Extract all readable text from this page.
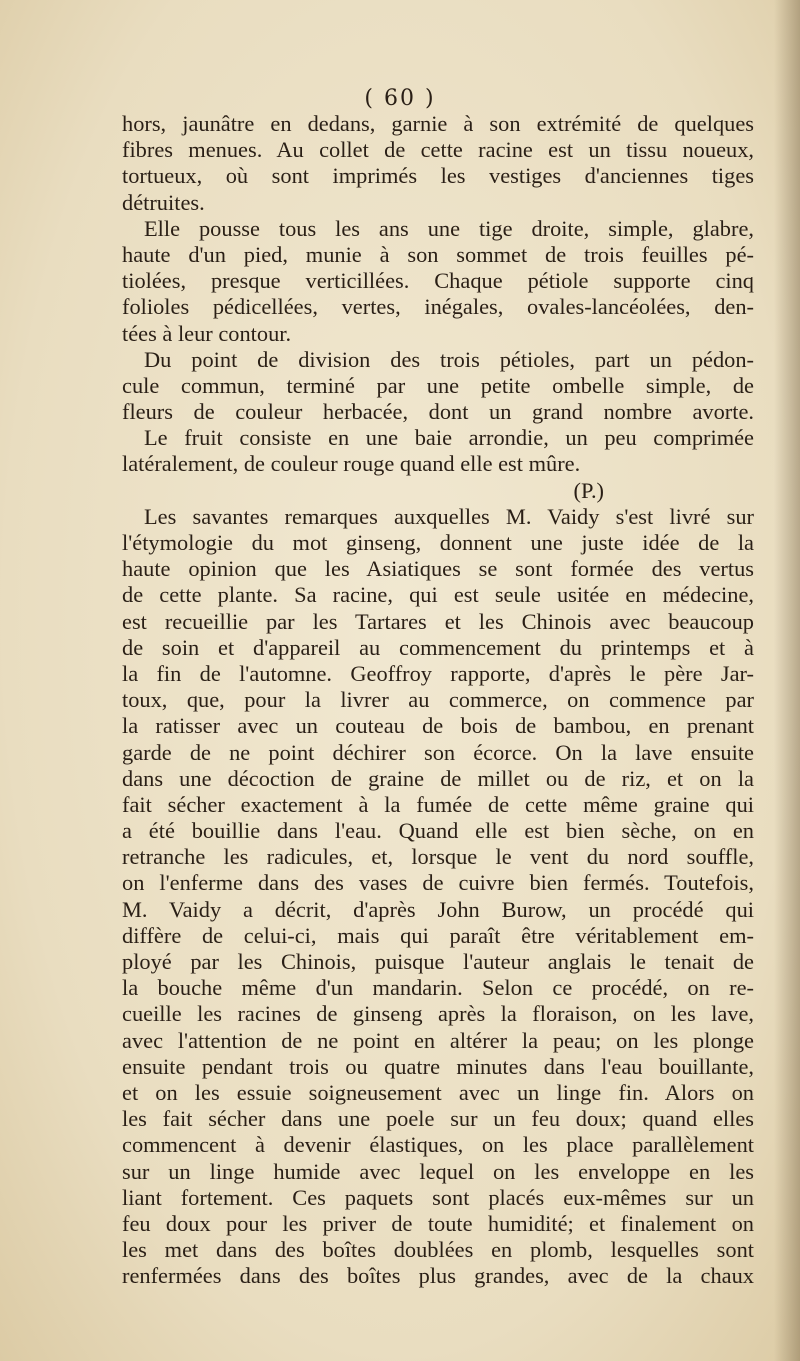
( 60 )
hors, jaunâtre en dedans, garnie à son extrémité de quelques
fibres menues. Au collet de cette racine est un tissu noueux,
tortueux, où sont imprimés les vestiges d'anciennes tiges
détruites.
Elle pousse tous les ans une tige droite, simple, glabre,
haute d'un pied, munie à son sommet de trois feuilles pé-
tiolées, presque verticillées. Chaque pétiole supporte cinq
folioles pédicellées, vertes, inégales, ovales-lancéolées, den-
tées à leur contour.
Du point de division des trois pétioles, part un pédon-
cule commun, terminé par une petite ombelle simple, de
fleurs de couleur herbacée, dont un grand nombre avorte.
Le fruit consiste en une baie arrondie, un peu comprimée
latéralement, de couleur rouge quand elle est mûre.
(P.)
Les savantes remarques auxquelles M. Vaidy s'est livré sur
l'étymologie du mot ginseng, donnent une juste idée de la
haute opinion que les Asiatiques se sont formée des vertus
de cette plante. Sa racine, qui est seule usitée en médecine,
est recueillie par les Tartares et les Chinois avec beaucoup
de soin et d'appareil au commencement du printemps et à
la fin de l'automne. Geoffroy rapporte, d'après le père Jar-
toux, que, pour la livrer au commerce, on commence par
la ratisser avec un couteau de bois de bambou, en prenant
garde de ne point déchirer son écorce. On la lave ensuite
dans une décoction de graine de millet ou de riz, et on la
fait sécher exactement à la fumée de cette même graine qui
a été bouillie dans l'eau. Quand elle est bien sèche, on en
retranche les radicules, et, lorsque le vent du nord souffle,
on l'enferme dans des vases de cuivre bien fermés. Toutefois,
M. Vaidy a décrit, d'après John Burow, un procédé qui
diffère de celui-ci, mais qui paraît être véritablement em-
ployé par les Chinois, puisque l'auteur anglais le tenait de
la bouche même d'un mandarin. Selon ce procédé, on re-
cueille les racines de ginseng après la floraison, on les lave,
avec l'attention de ne point en altérer la peau; on les plonge
ensuite pendant trois ou quatre minutes dans l'eau bouillante,
et on les essuie soigneusement avec un linge fin. Alors on
les fait sécher dans une poele sur un feu doux; quand elles
commencent à devenir élastiques, on les place parallèlement
sur un linge humide avec lequel on les enveloppe en les
liant fortement. Ces paquets sont placés eux-mêmes sur un
feu doux pour les priver de toute humidité; et finalement on
les met dans des boîtes doublées en plomb, lesquelles sont
renfermées dans des boîtes plus grandes, avec de la chaux
